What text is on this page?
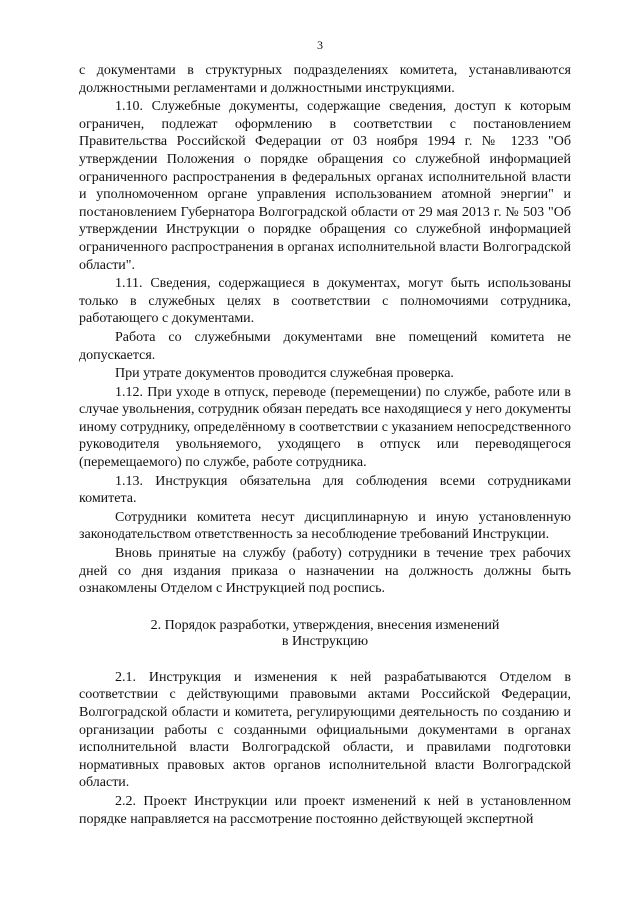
3

с документами в структурных подразделениях комитета, устанавливаются должностными регламентами и должностными инструкциями.

1.10. Служебные документы, содержащие сведения, доступ к которым ограничен, подлежат оформлению в соответствии с постановлением Правительства Российской Федерации от 03 ноября 1994 г. № 1233 "Об утверждении Положения о порядке обращения со служебной информацией ограниченного распространения в федеральных органах исполнительной власти и уполномоченном органе управления использованием атомной энергии" и постановлением Губернатора Волгоградской области от 29 мая 2013 г. № 503 "Об утверждении Инструкции о порядке обращения со служебной информацией ограниченного распространения в органах исполнительной власти Волгоградской области".

1.11. Сведения, содержащиеся в документах, могут быть использованы только в служебных целях в соответствии с полномочиями сотрудника, работающего с документами.

Работа со служебными документами вне помещений комитета не допускается.

При утрате документов проводится служебная проверка.

1.12. При уходе в отпуск, переводе (перемещении) по службе, работе или в случае увольнения, сотрудник обязан передать все находящиеся у него документы иному сотруднику, определённому в соответствии с указанием непосредственного руководителя увольняемого, уходящего в отпуск или переводящегося (перемещаемого) по службе, работе сотрудника.

1.13. Инструкция обязательна для соблюдения всеми сотрудниками комитета.

Сотрудники комитета несут дисциплинарную и иную установленную законодательством ответственность за несоблюдение требований Инструкции.

Вновь принятые на службу (работу) сотрудники в течение трех рабочих дней со дня издания приказа о назначении на должность должны быть ознакомлены Отделом с Инструкцией под роспись.

2. Порядок разработки, утверждения, внесения изменений
в Инструкцию

2.1. Инструкция и изменения к ней разрабатываются Отделом в соответствии с действующими правовыми актами Российской Федерации, Волгоградской области и комитета, регулирующими деятельность по созданию и организации работы с созданными официальными документами в органах исполнительной власти Волгоградской области, и правилами подготовки нормативных правовых актов органов исполнительной власти Волгоградской области.

2.2. Проект Инструкции или проект изменений к ней в установленном порядке направляется на рассмотрение постоянно действующей экспертной
